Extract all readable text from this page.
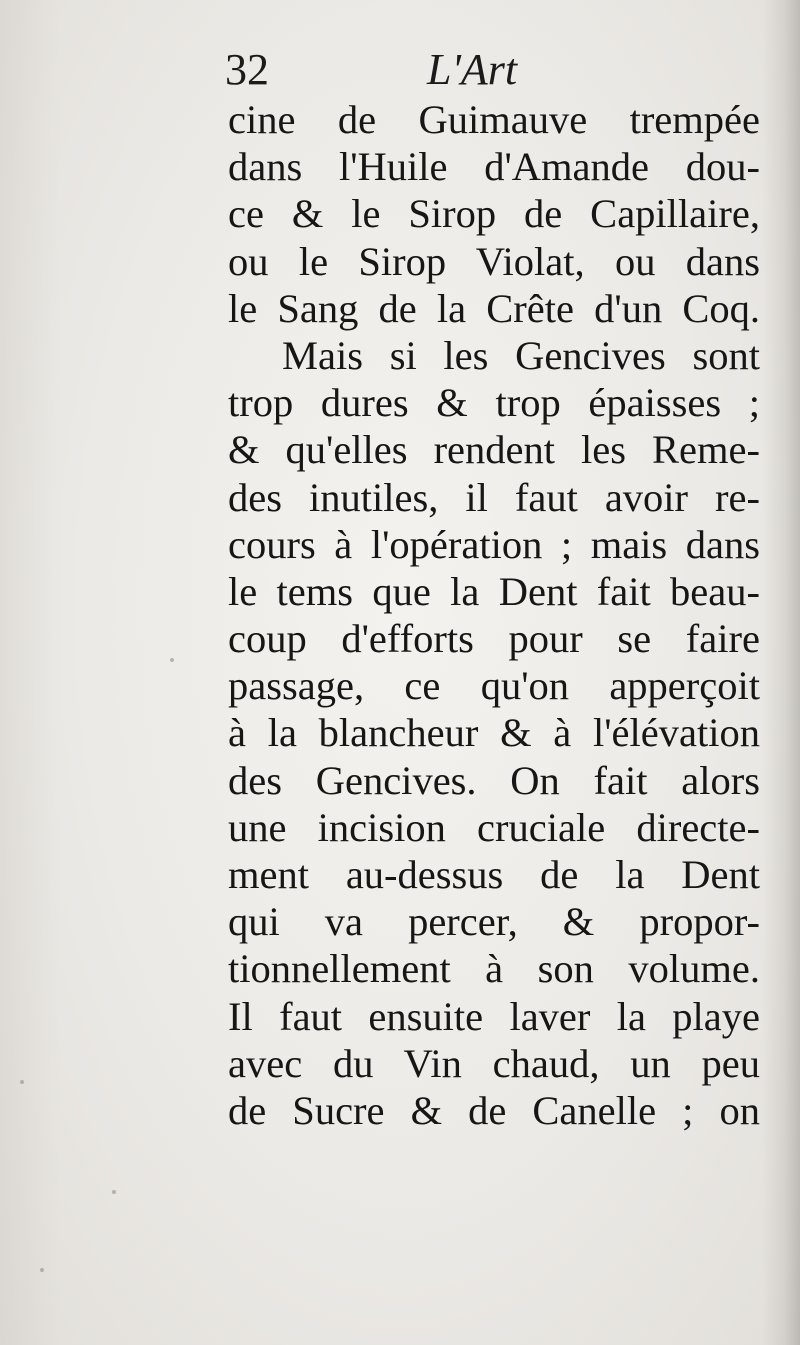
32	L'Art
cine de Guimauve trempée
dans l'Huile d'Amande dou-
ce & le Sirop de Capillaire,
ou le Sirop Violat, ou dans
le Sang de la Crête d'un Coq.
Mais si les Gencives sont
trop dures & trop épaisses ;
& qu'elles rendent les Reme-
des inutiles, il faut avoir re-
cours à l'opération ; mais dans
le tems que la Dent fait beau-
coup d'efforts pour se faire
passage, ce qu'on apperçoit
à la blancheur & à l'élévation
des Gencives. On fait alors
une incision cruciale directe-
ment au-dessus de la Dent
qui va percer, & propor-
tionnellement à son volume.
Il faut ensuite laver la playe
avec du Vin chaud, un peu
de Sucre & de Canelle ; on
